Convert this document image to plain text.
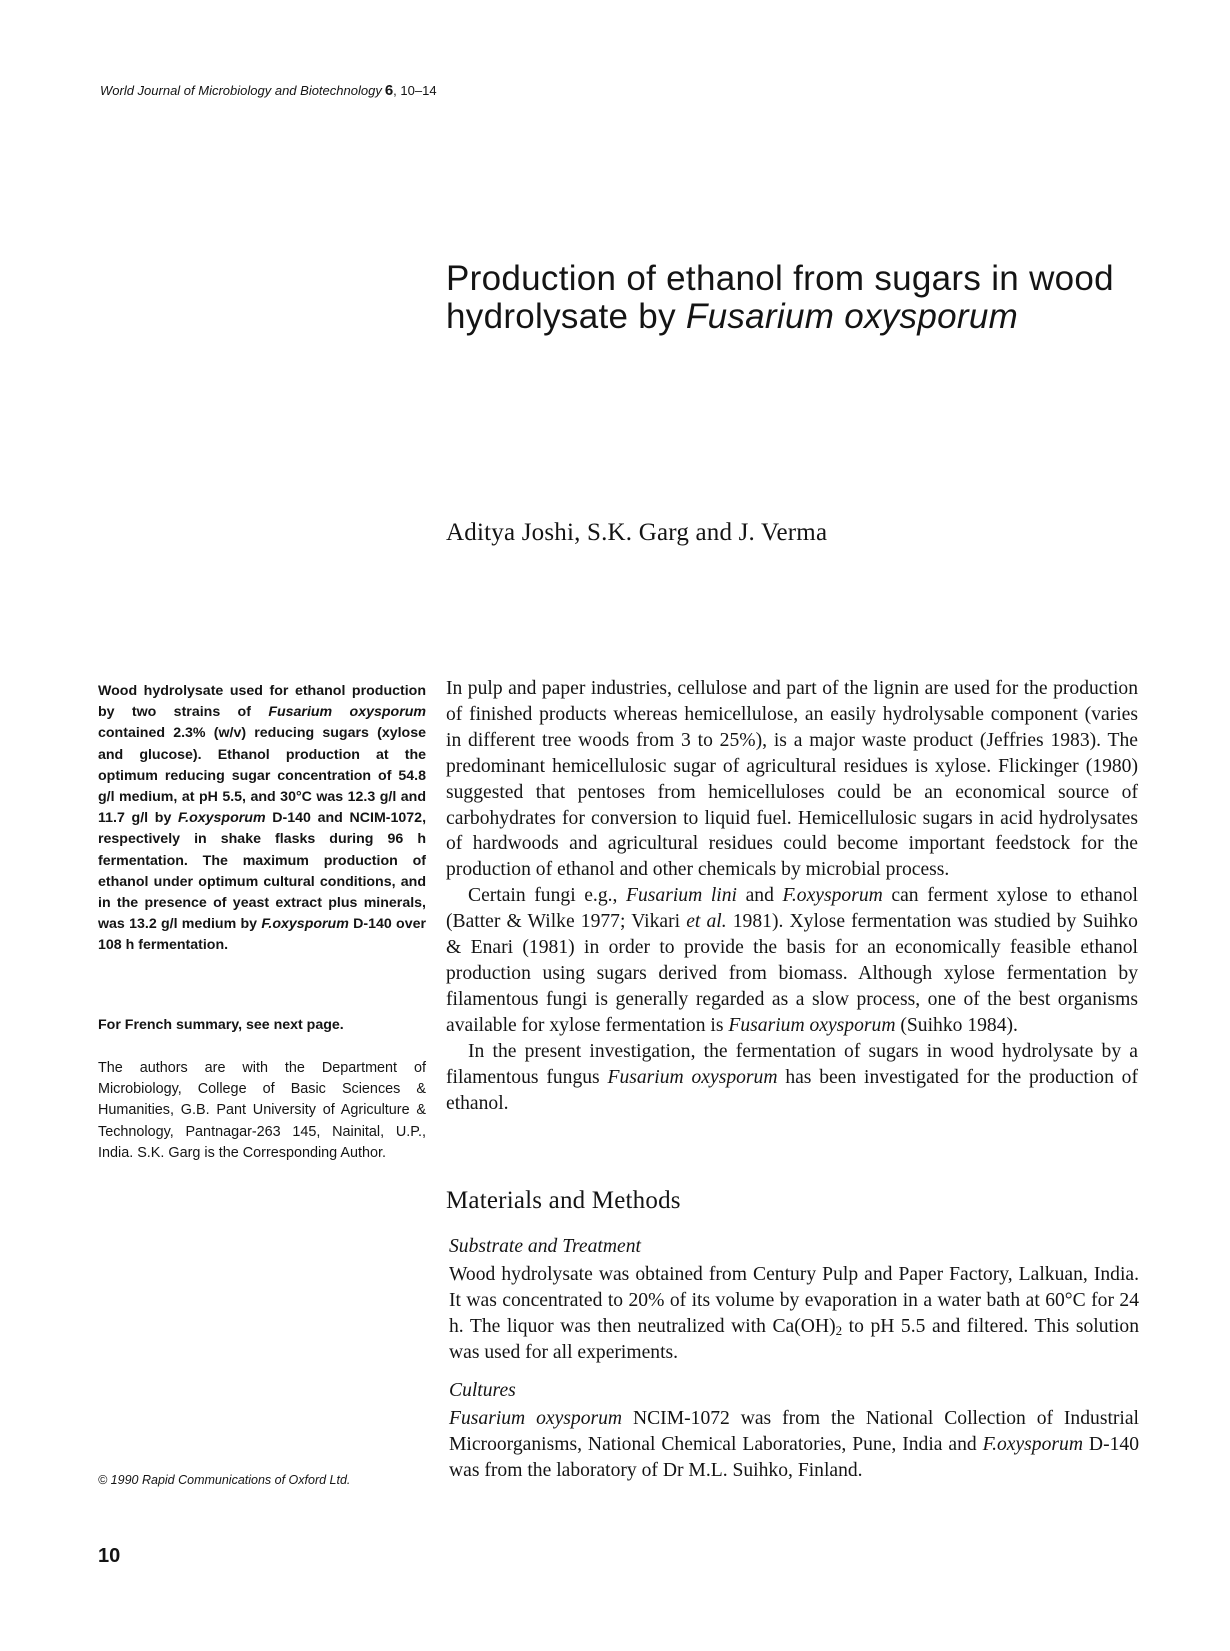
World Journal of Microbiology and Biotechnology 6, 10–14
Production of ethanol from sugars in wood hydrolysate by Fusarium oxysporum
Aditya Joshi, S.K. Garg and J. Verma

Wood hydrolysate used for ethanol production by two strains of Fusarium oxysporum contained 2.3% (w/v) reducing sugars (xylose and glucose). Ethanol production at the optimum reducing sugar concentration of 54.8 g/l medium, at pH 5.5, and 30°C was 12.3 g/l and 11.7 g/l by F.oxysporum D-140 and NCIM-1072, respectively in shake flasks during 96 h fermentation. The maximum production of ethanol under optimum cultural conditions, and in the presence of yeast extract plus minerals, was 13.2 g/l medium by F.oxysporum D-140 over 108 h fermentation.

For French summary, see next page.

The authors are with the Department of Microbiology, College of Basic Sciences & Humanities, G.B. Pant University of Agriculture & Technology, Pantnagar-263 145, Nainital, U.P., India. S.K. Garg is the Corresponding Author.

© 1990 Rapid Communications of Oxford Ltd.
10

In pulp and paper industries, cellulose and part of the lignin are used for the production of finished products whereas hemicellulose, an easily hydrolysable component (varies in different tree woods from 3 to 25%), is a major waste product (Jeffries 1983). The predominant hemicellulosic sugar of agricultural residues is xylose. Flickinger (1980) suggested that pentoses from hemicelluloses could be an economical source of carbohydrates for conversion to liquid fuel. Hemicellulosic sugars in acid hydrolysates of hardwoods and agricultural residues could become important feedstock for the production of ethanol and other chemicals by microbial process.

Certain fungi e.g., Fusarium lini and F.oxysporum can ferment xylose to ethanol (Batter & Wilke 1977; Vikari et al. 1981). Xylose fermentation was studied by Suihko & Enari (1981) in order to provide the basis for an economically feasible ethanol production using sugars derived from biomass. Although xylose fermentation by filamentous fungi is generally regarded as a slow process, one of the best organisms available for xylose fermentation is Fusarium oxysporum (Suihko 1984).

In the present investigation, the fermentation of sugars in wood hydrolysate by a filamentous fungus Fusarium oxysporum has been investigated for the production of ethanol.

Materials and Methods
Substrate and Treatment

Wood hydrolysate was obtained from Century Pulp and Paper Factory, Lalkuan, India. It was concentrated to 20% of its volume by evaporation in a water bath at 60°C for 24 h. The liquor was then neutralized with $Ca(OH)_2$ to pH 5.5 and filtered. This solution was used for all experiments.

Cultures

Fusarium oxysporum NCIM-1072 was from the National Collection of Industrial Microorganisms, National Chemical Laboratories, Pune, India and F.oxysporum D-140 was from the laboratory of Dr M.L. Suihko, Finland.
